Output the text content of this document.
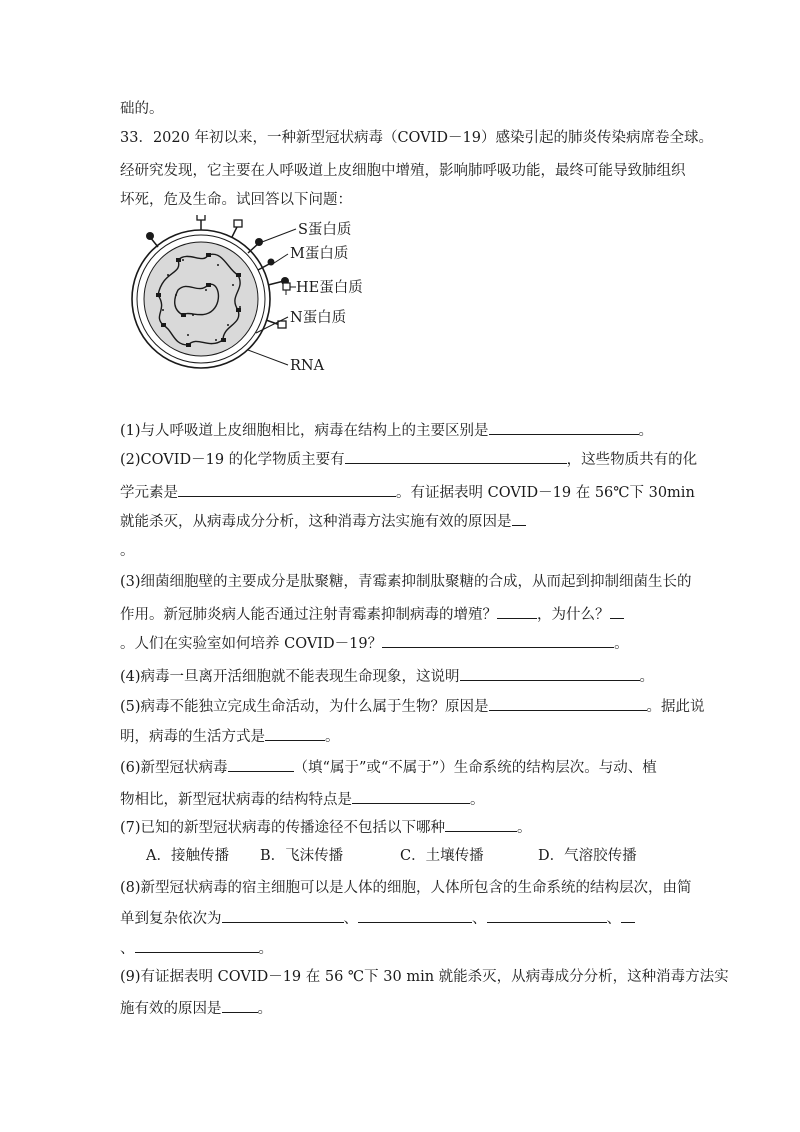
础的。
33．2020 年初以来，一种新型冠状病毒（COVID－19）感染引起的肺炎传染病席卷全球。
经研究发现，它主要在人呼吸道上皮细胞中增殖，影响肺呼吸功能，最终可能导致肺组织
坏死，危及生命。试回答以下问题：
S蛋白质
M蛋白质
HE蛋白质
N蛋白质
RNA
(1)与人呼吸道上皮细胞相比，病毒在结构上的主要区别是	。
(2)COVID－19 的化学物质主要有	，这些物质共有的化
学元素是	。有证据表明 COVID－19 在 56℃下 30min
就能杀灭，从病毒成分分析，这种消毒方法实施有效的原因是
。
(3)细菌细胞壁的主要成分是肽聚糖，青霉素抑制肽聚糖的合成，从而起到抑制细菌生长的
作用。新冠肺炎病人能否通过注射青霉素抑制病毒的增殖？	，为什么？
。人们在实验室如何培养 COVID－19？	。
(4)病毒一旦离开活细胞就不能表现生命现象，这说明	。
(5)病毒不能独立完成生命活动，为什么属于生物？原因是	。据此说
明，病毒的生活方式是	。
(6)新型冠状病毒	（填“属于”或“不属于”）生命系统的结构层次。与动、植
物相比，新型冠状病毒的结构特点是	。
(7)已知的新型冠状病毒的传播途径不包括以下哪种	。
A．接触传播 B．飞沫传播	C．土壤传播	D．气溶胶传播
(8)新型冠状病毒的宿主细胞可以是人体的细胞，人体所包含的生命系统的结构层次，由简
单到复杂依次为	、	、	、
、	。
(9)有证据表明 COVID－19 在 56 ℃下 30 min 就能杀灭，从病毒成分分析，这种消毒方法实
施有效的原因是 。
